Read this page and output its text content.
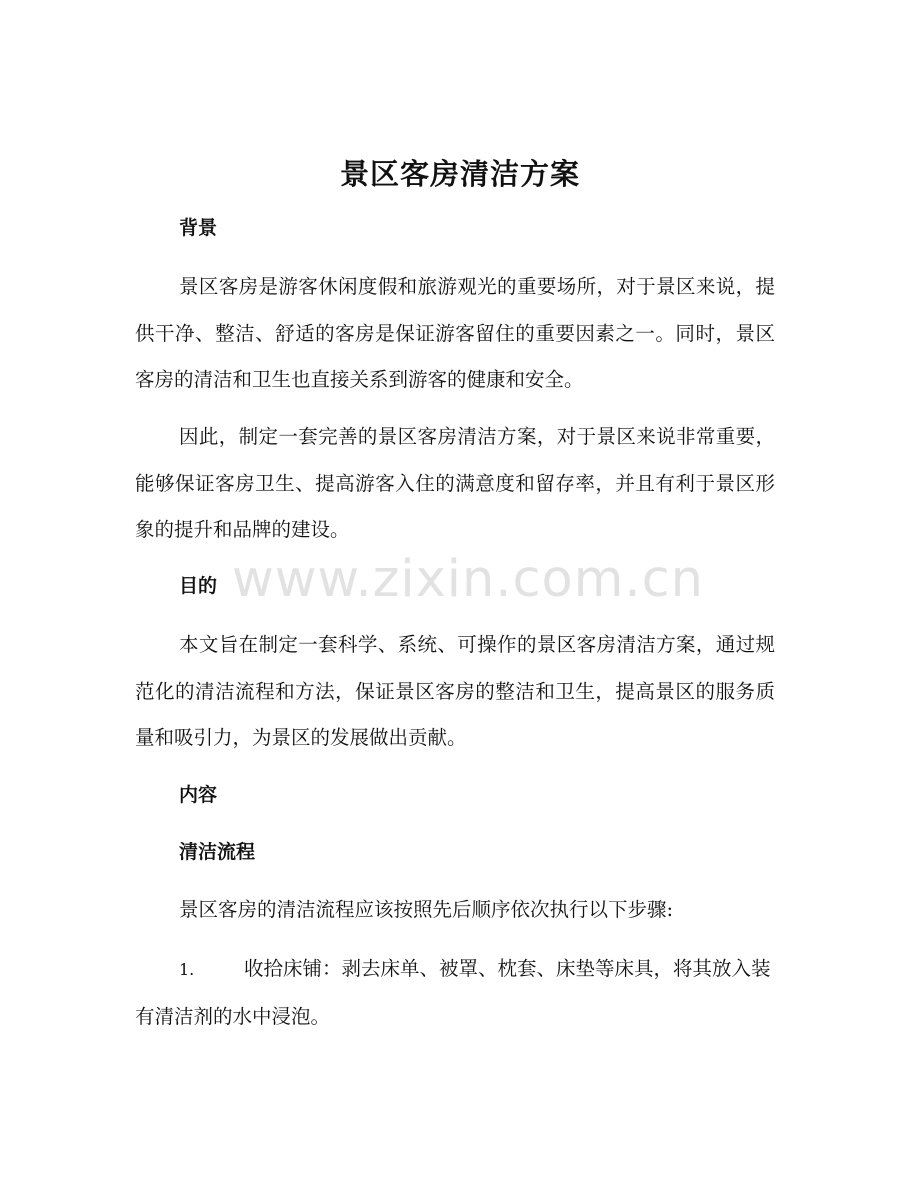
景区客房清洁方案
背景

景区客房是游客休闲度假和旅游观光的重要场所，对于景区来说，提供干净、整洁、舒适的客房是保证游客留住的重要因素之一。同时，景区客房的清洁和卫生也直接关系到游客的健康和安全。

因此，制定一套完善的景区客房清洁方案，对于景区来说非常重要，能够保证客房卫生、提高游客入住的满意度和留存率，并且有利于景区形象的提升和品牌的建设。

目的

本文旨在制定一套科学、系统、可操作的景区客房清洁方案，通过规范化的清洁流程和方法，保证景区客房的整洁和卫生，提高景区的服务质量和吸引力，为景区的发展做出贡献。

内容
清洁流程

景区客房的清洁流程应该按照先后顺序依次执行以下步骤:

1.	收拾床铺：剥去床单、被罩、枕套、床垫等床具，将其放入装有清洁剂的水中浸泡。

www.zixin.com.cn
